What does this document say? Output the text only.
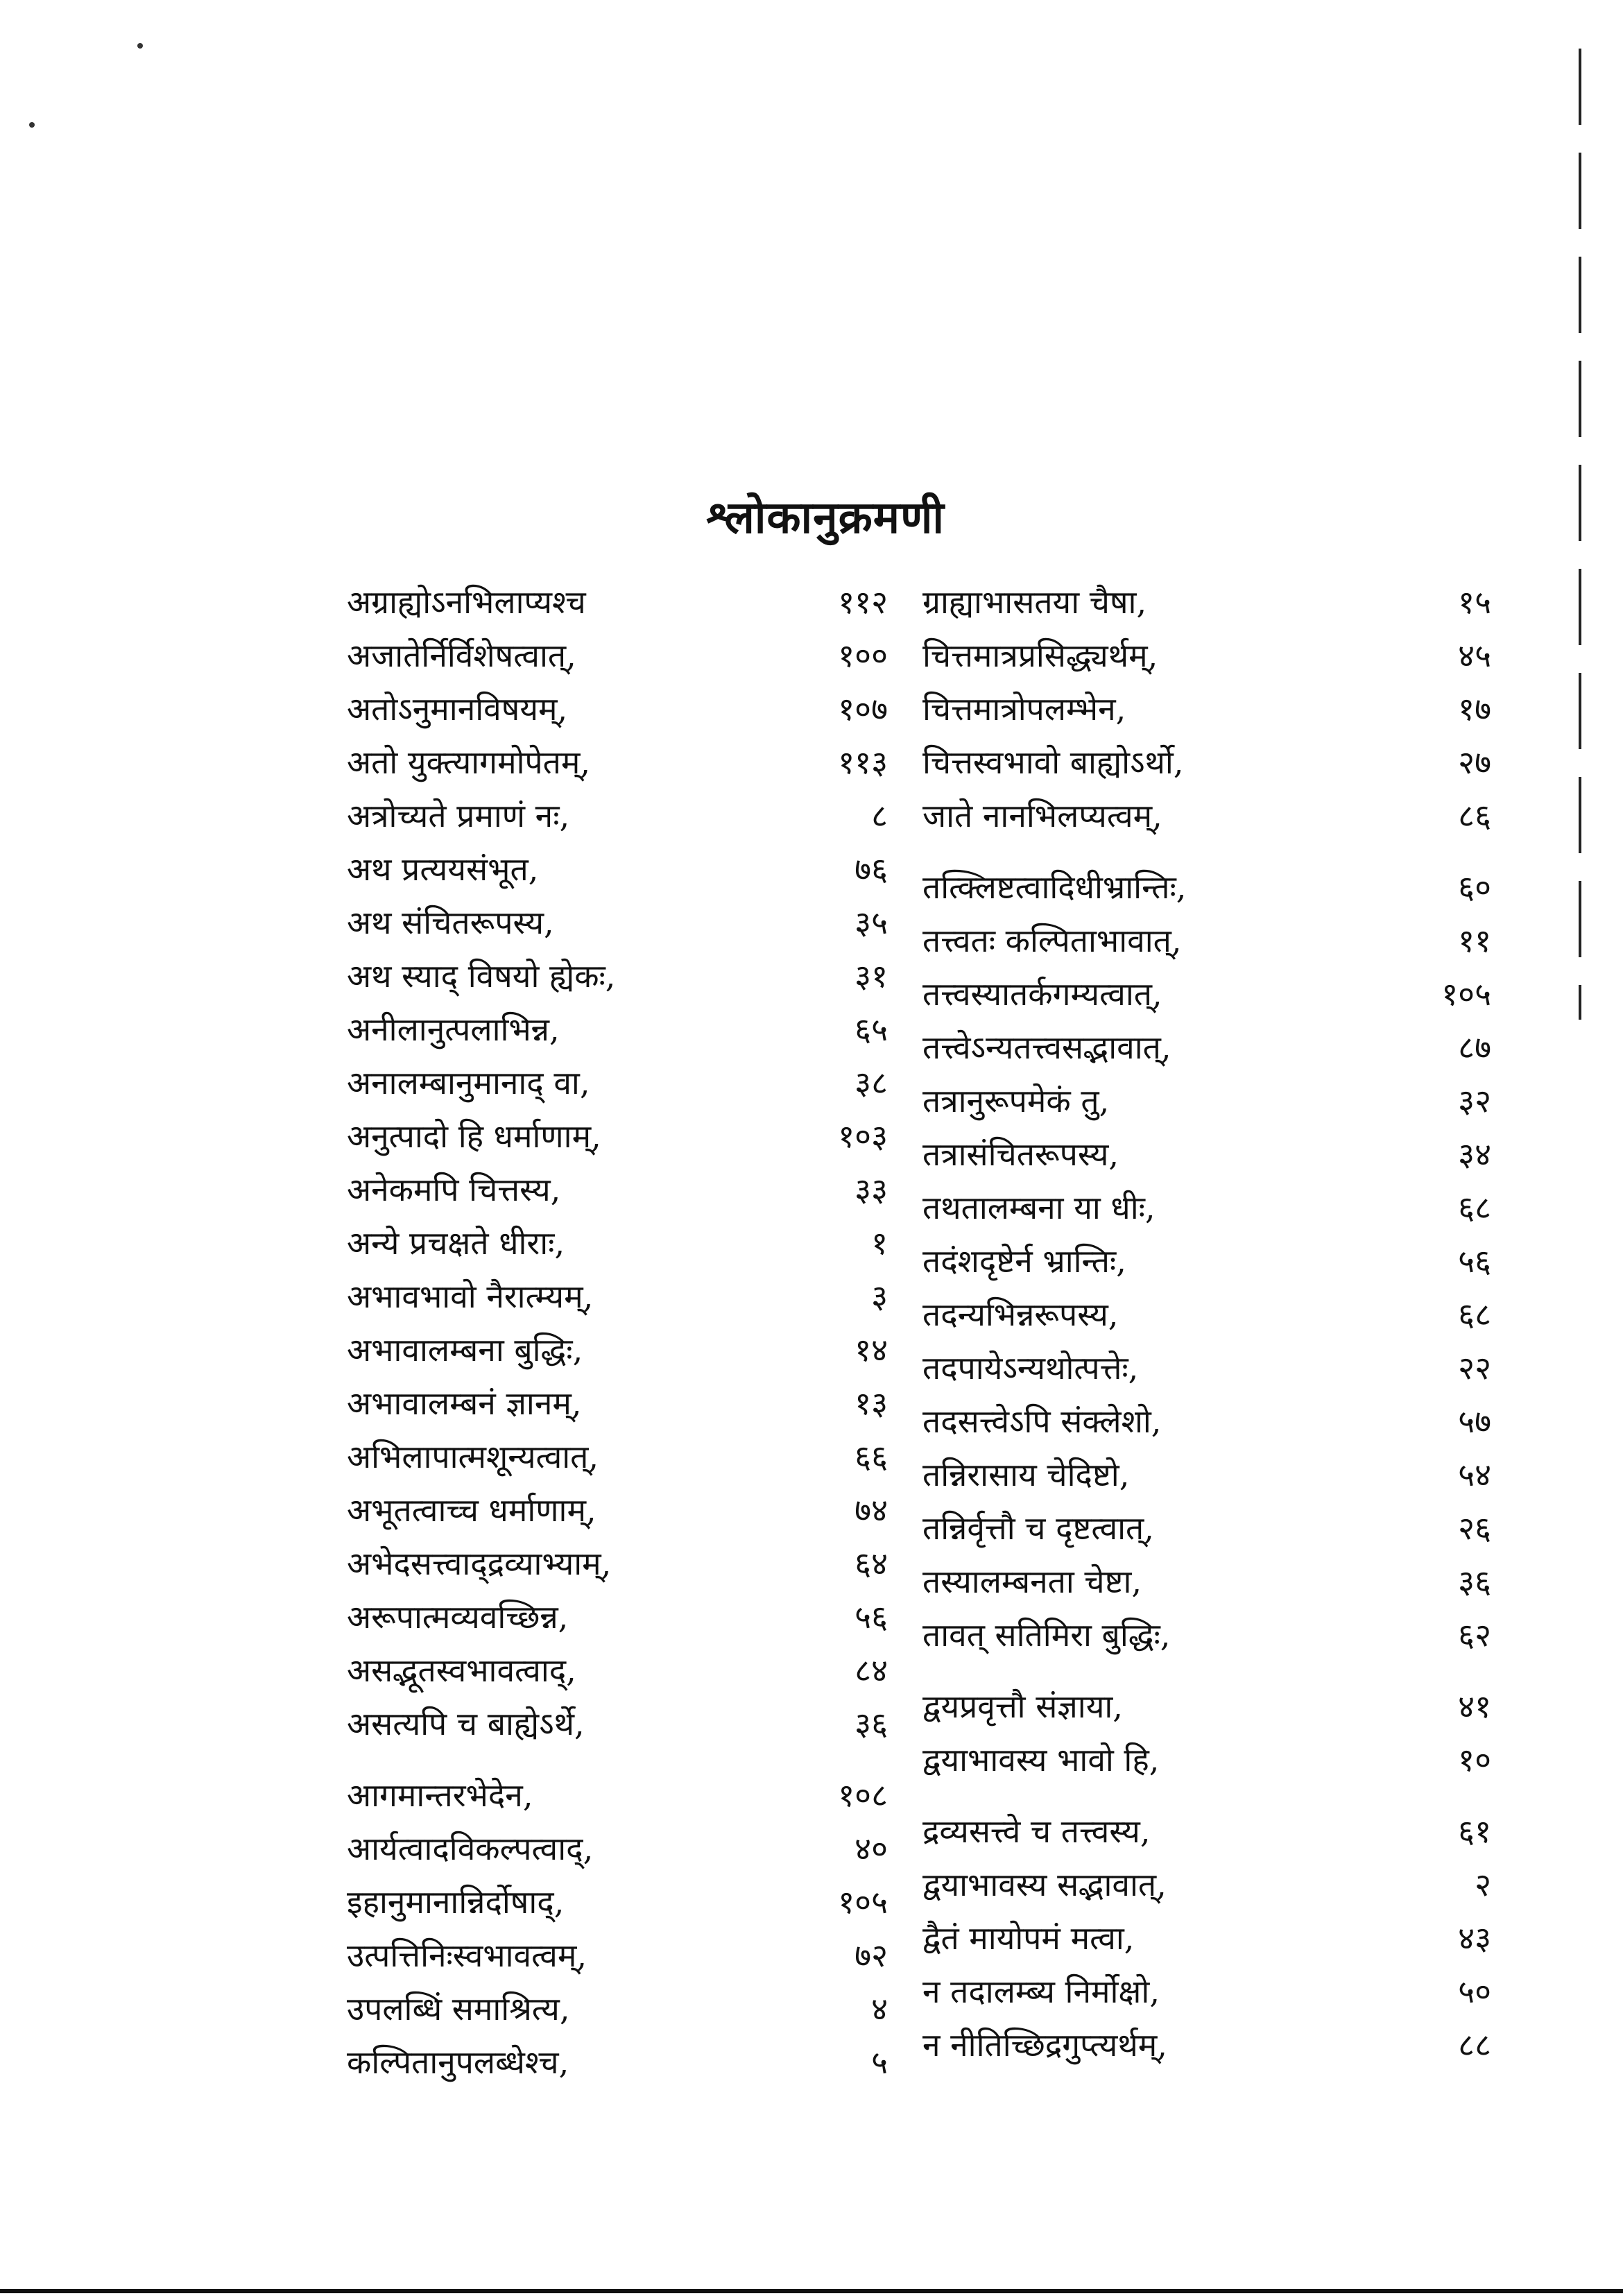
श्लोकानुक्रमणी
अग्राह्योऽनभिलाप्यश्च	११२
अजातेर्निर्विशेषत्वात्,	१००
अतोऽनुमानविषयम्,	१०७
अतो युक्त्यागमोपेतम्,	११३
अत्रोच्यते प्रमाणं नः,	८
अथ प्रत्ययसंभूत,	७६
अथ संचितरूपस्य,	३५
अथ स्याद् विषयो ह्येकः,	३१
अनीलानुत्पलाभिन्न,	६५
अनालम्बानुमानाद् वा,	३८
अनुत्पादो हि धर्माणाम्,	१०३
अनेकमपि चित्तस्य,	३३
अन्ये प्रचक्षते धीराः,	१
अभावभावो नैरात्म्यम्,	३
अभावालम्बना बुद्धिः,	१४
अभावालम्बनं ज्ञानम्,	१३
अभिलापात्मशून्यत्वात्,	६६
अभूतत्वाच्च धर्माणाम्,	७४
अभेदसत्त्वाद्द्रव्याभ्याम्,	६४
अरूपात्मव्यवच्छिन्न,	५६
असद्भूतस्वभावत्वाद्,	८४
असत्यपि च बाह्येऽर्थे,	३६
आगमान्तरभेदेन,	१०८
आर्यत्वादविकल्पत्वाद्,	४०
इहानुमानान्निर्दोषाद्,	१०५
उत्पत्तिनिःस्वभावत्वम्,	७२
उपलब्धिं समाश्रित्य,	४
कल्पितानुपलब्धेश्च,	५
ग्राह्याभासतया चैषा,	१५
चित्तमात्रप्रसिद्ध्यर्थम्,	४५
चित्तमात्रोपलम्भेन,	१७
चित्तस्वभावो बाह्योऽर्थो,	२७
जाते नानभिलप्यत्वम्,	८६
तत्क्लिष्टत्वादिधीभ्रान्तिः,	६०
तत्त्वतः कल्पिताभावात्,	११
तत्त्वस्यातर्कगम्यत्वात्,	१०५
तत्त्वेऽन्यतत्त्वसद्भावात्,	८७
तत्रानुरूपमेकं तु,	३२
तत्रासंचितरूपस्य,	३४
तथतालम्बना या धीः,	६८
तदंशदृष्टेर्न भ्रान्तिः,	५६
तदन्यभिन्नरूपस्य,	६८
तदपायेऽन्यथोत्पत्तेः,	२२
तदसत्त्वेऽपि संक्लेशो,	५७
तन्निरासाय चेदिष्टो,	५४
तन्निर्वृत्तौ च दृष्टत्वात्,	२६
तस्यालम्बनता चेष्टा,	३६
तावत् सतिमिरा बुद्धिः,	६२
द्वयप्रवृत्तौ संज्ञाया,	४१
द्वयाभावस्य भावो हि,	१०
द्रव्यसत्त्वे च तत्त्वस्य,	६१
द्वयाभावस्य सद्भावात्,	२
द्वैतं मायोपमं मत्वा,	४३
न तदालम्ब्य निर्मोक्षो,	५०
न नीतिच्छिद्रगुप्त्यर्थम्,	८८
